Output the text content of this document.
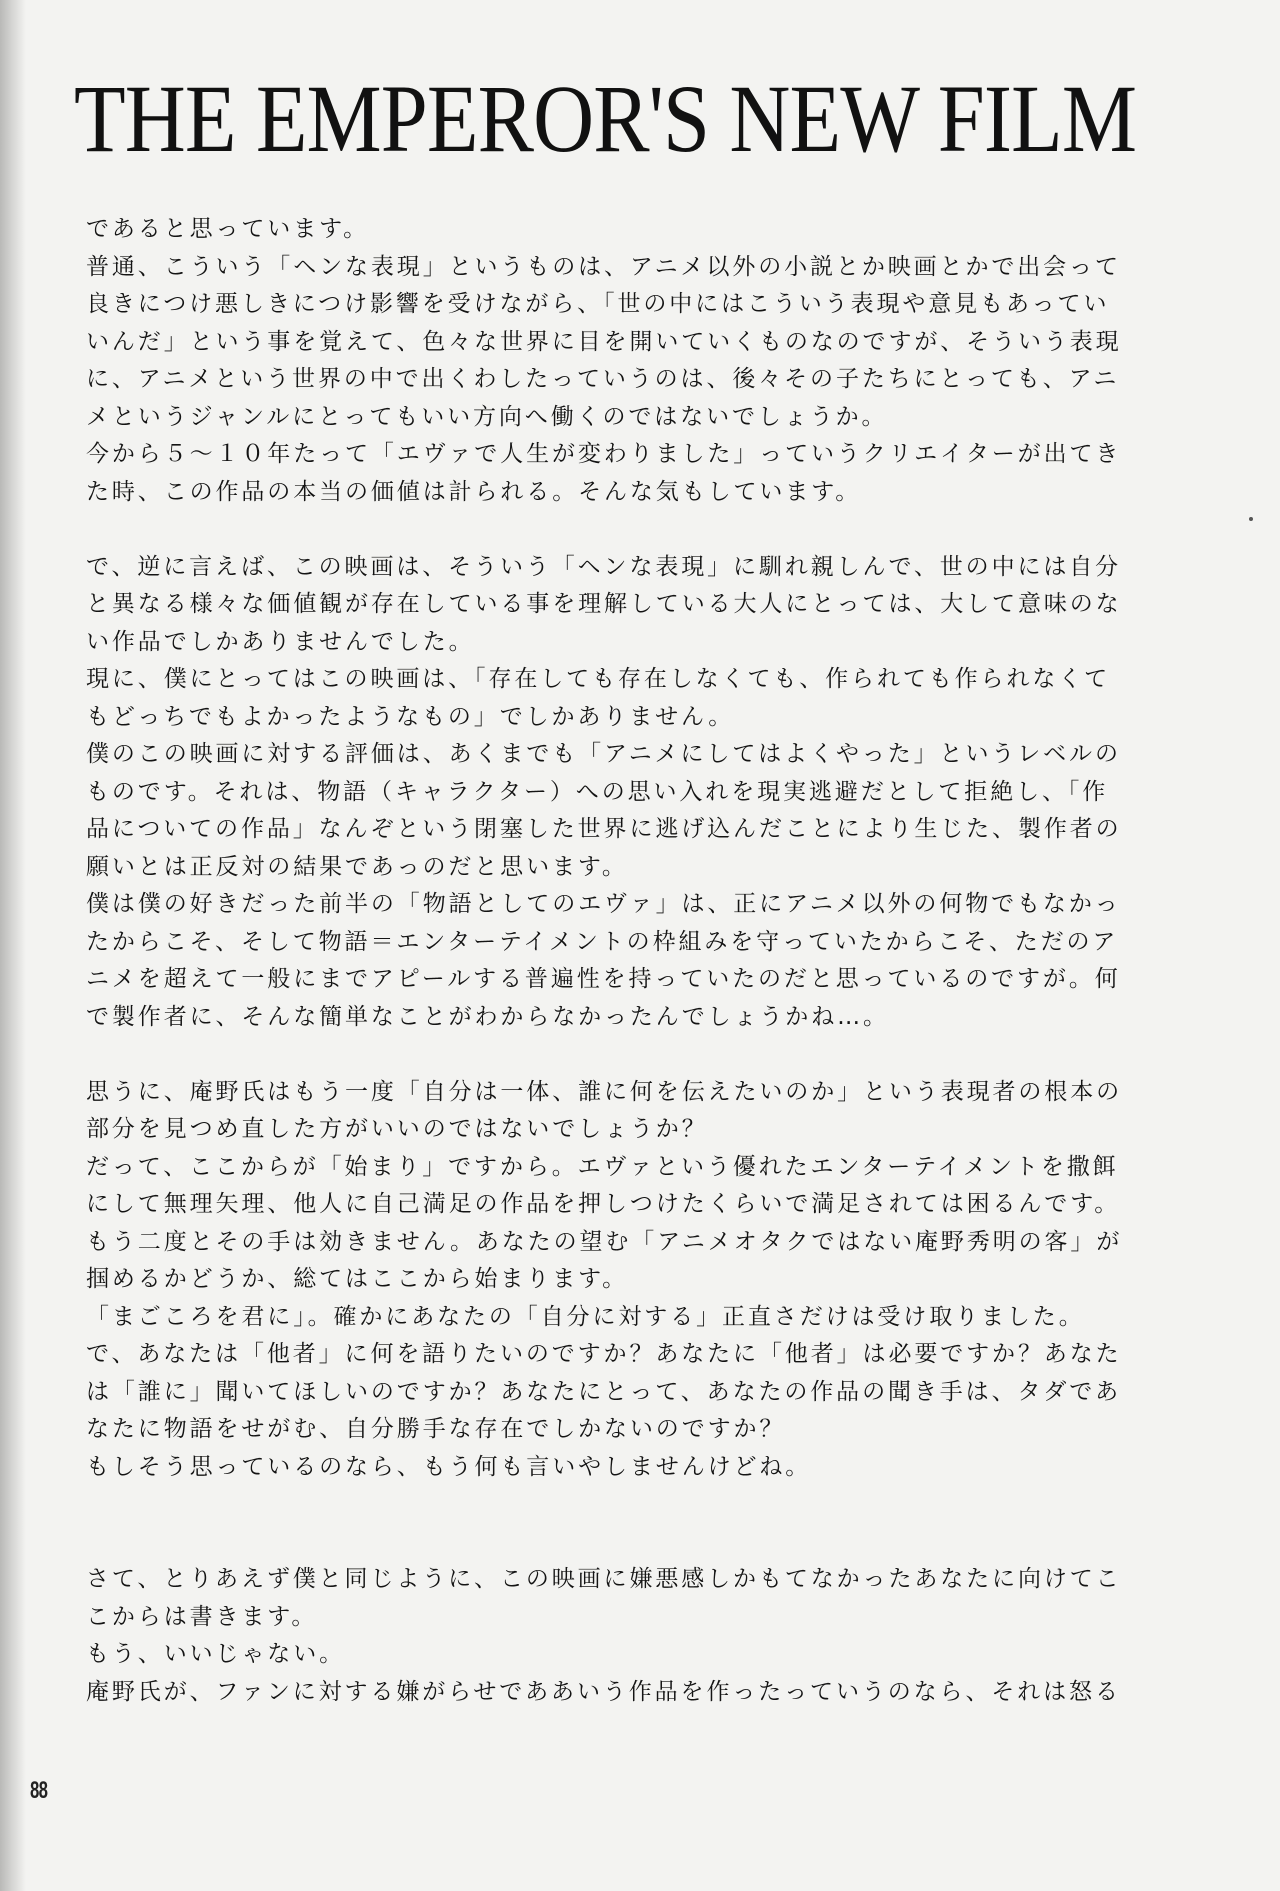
THE EMPEROR'S NEW FILM
であると思っています。
普通、こういう「ヘンな表現」というものは、アニメ以外の小説とか映画とかで出会って
良きにつけ悪しきにつけ影響を受けながら、「世の中にはこういう表現や意見もあってい
いんだ」という事を覚えて、色々な世界に目を開いていくものなのですが、そういう表現
に、アニメという世界の中で出くわしたっていうのは、後々その子たちにとっても、アニ
メというジャンルにとってもいい方向へ働くのではないでしょうか。
今から５～１０年たって「エヴァで人生が変わりました」っていうクリエイターが出てき
た時、この作品の本当の価値は計られる。そんな気もしています。
で、逆に言えば、この映画は、そういう「ヘンな表現」に馴れ親しんで、世の中には自分
と異なる様々な価値観が存在している事を理解している大人にとっては、大して意味のな
い作品でしかありませんでした。
現に、僕にとってはこの映画は、「存在しても存在しなくても、作られても作られなくて
もどっちでもよかったようなもの」でしかありません。
僕のこの映画に対する評価は、あくまでも「アニメにしてはよくやった」というレベルの
ものです。それは、物語（キャラクター）への思い入れを現実逃避だとして拒絶し、「作
品についての作品」なんぞという閉塞した世界に逃げ込んだことにより生じた、製作者の
願いとは正反対の結果であっのだと思います。
僕は僕の好きだった前半の「物語としてのエヴァ」は、正にアニメ以外の何物でもなかっ
たからこそ、そして物語＝エンターテイメントの枠組みを守っていたからこそ、ただのア
ニメを超えて一般にまでアピールする普遍性を持っていたのだと思っているのですが。何
で製作者に、そんな簡単なことがわからなかったんでしょうかね…。
思うに、庵野氏はもう一度「自分は一体、誰に何を伝えたいのか」という表現者の根本の
部分を見つめ直した方がいいのではないでしょうか？
だって、ここからが「始まり」ですから。エヴァという優れたエンターテイメントを撒餌
にして無理矢理、他人に自己満足の作品を押しつけたくらいで満足されては困るんです。
もう二度とその手は効きません。あなたの望む「アニメオタクではない庵野秀明の客」が
掴めるかどうか、総てはここから始まります。
「まごころを君に」。確かにあなたの「自分に対する」正直さだけは受け取りました。
で、あなたは「他者」に何を語りたいのですか？あなたに「他者」は必要ですか？あなた
は「誰に」聞いてほしいのですか？あなたにとって、あなたの作品の聞き手は、タダであ
なたに物語をせがむ、自分勝手な存在でしかないのですか？
もしそう思っているのなら、もう何も言いやしませんけどね。
さて、とりあえず僕と同じように、この映画に嫌悪感しかもてなかったあなたに向けてこ
こからは書きます。
もう、いいじゃない。
庵野氏が、ファンに対する嫌がらせでああいう作品を作ったっていうのなら、それは怒る
88
